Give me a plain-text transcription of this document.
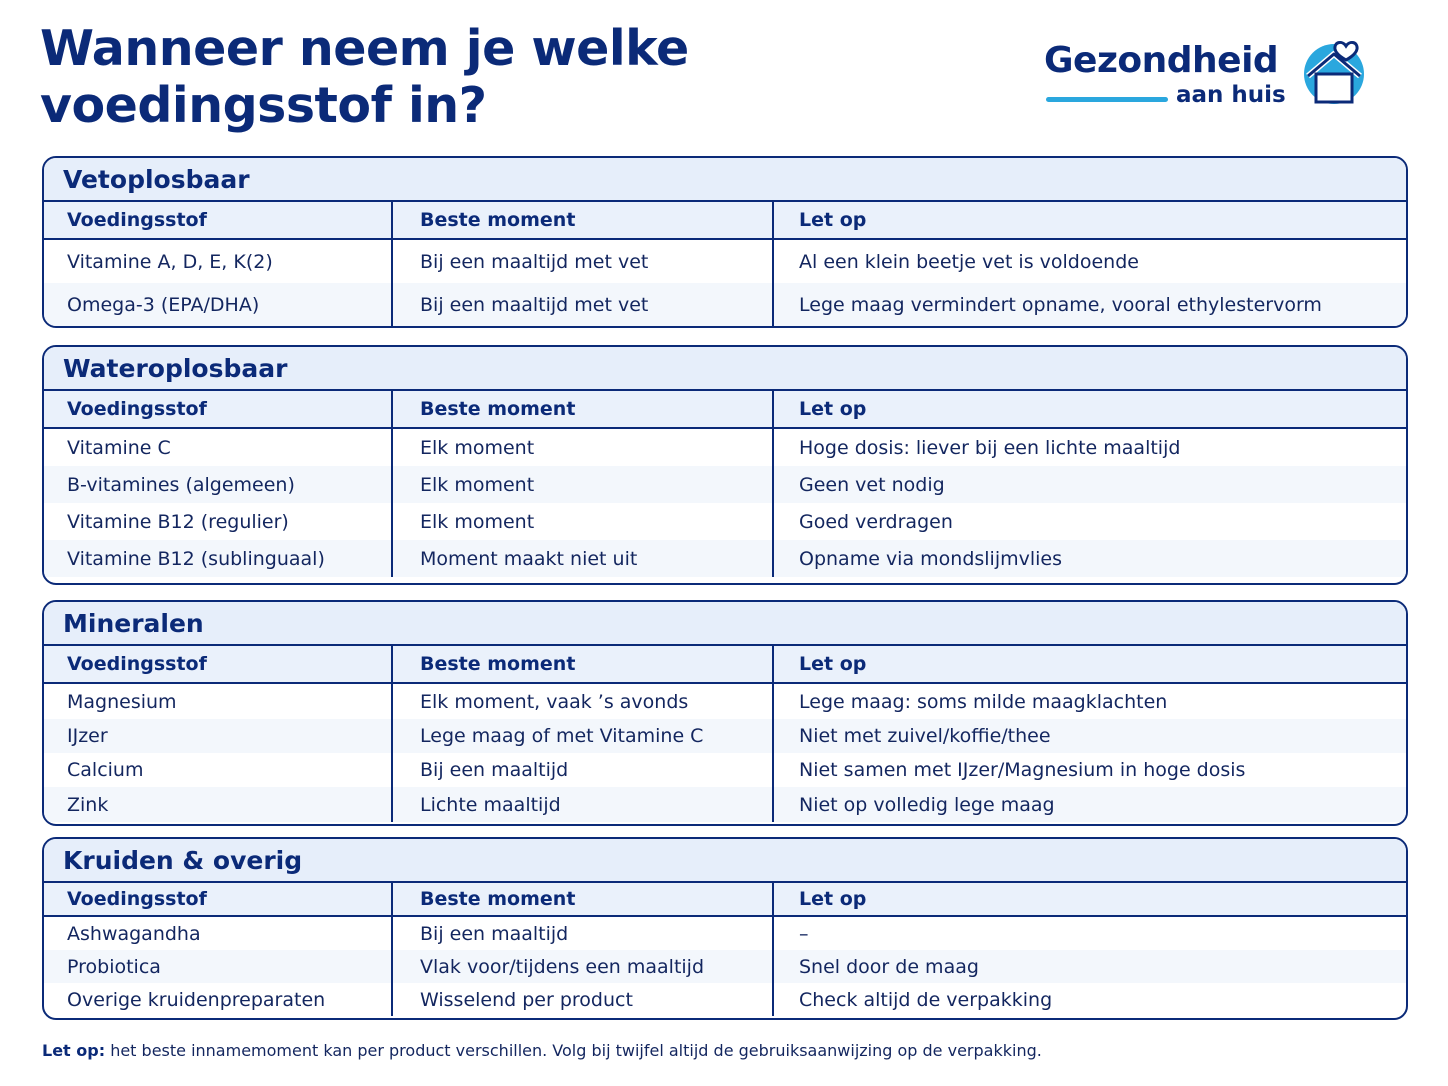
Wanneer neem je welke
voedingsstof in?
Gezondheid
aan huis
Vetoplosbaar
Voedingsstof	Beste moment	Let op
Vitamine A, D, E, K(2)	Bij een maaltijd met vet	Al een klein beetje vet is voldoende
Omega-3 (EPA/DHA)	Bij een maaltijd met vet	Lege maag vermindert opname, vooral ethylestervorm
Wateroplosbaar
Voedingsstof	Beste moment	Let op
Vitamine C	Elk moment	Hoge dosis: liever bij een lichte maaltijd
B-vitamines (algemeen)	Elk moment	Geen vet nodig
Vitamine B12 (regulier)	Elk moment	Goed verdragen
Vitamine B12 (sublinguaal)	Moment maakt niet uit	Opname via mondslijmvlies
Mineralen
Voedingsstof	Beste moment	Let op
Magnesium	Elk moment, vaak ’s avonds	Lege maag: soms milde maagklachten
IJzer	Lege maag of met Vitamine C	Niet met zuivel/koffie/thee
Calcium	Bij een maaltijd	Niet samen met IJzer/Magnesium in hoge dosis
Zink	Lichte maaltijd	Niet op volledig lege maag
Kruiden & overig
Voedingsstof	Beste moment	Let op
Ashwagandha	Bij een maaltijd	–
Probiotica	Vlak voor/tijdens een maaltijd	Snel door de maag
Overige kruidenpreparaten	Wisselend per product	Check altijd de verpakking
Let op: het beste innamemoment kan per product verschillen. Volg bij twijfel altijd de gebruiksaanwijzing op de verpakking.
